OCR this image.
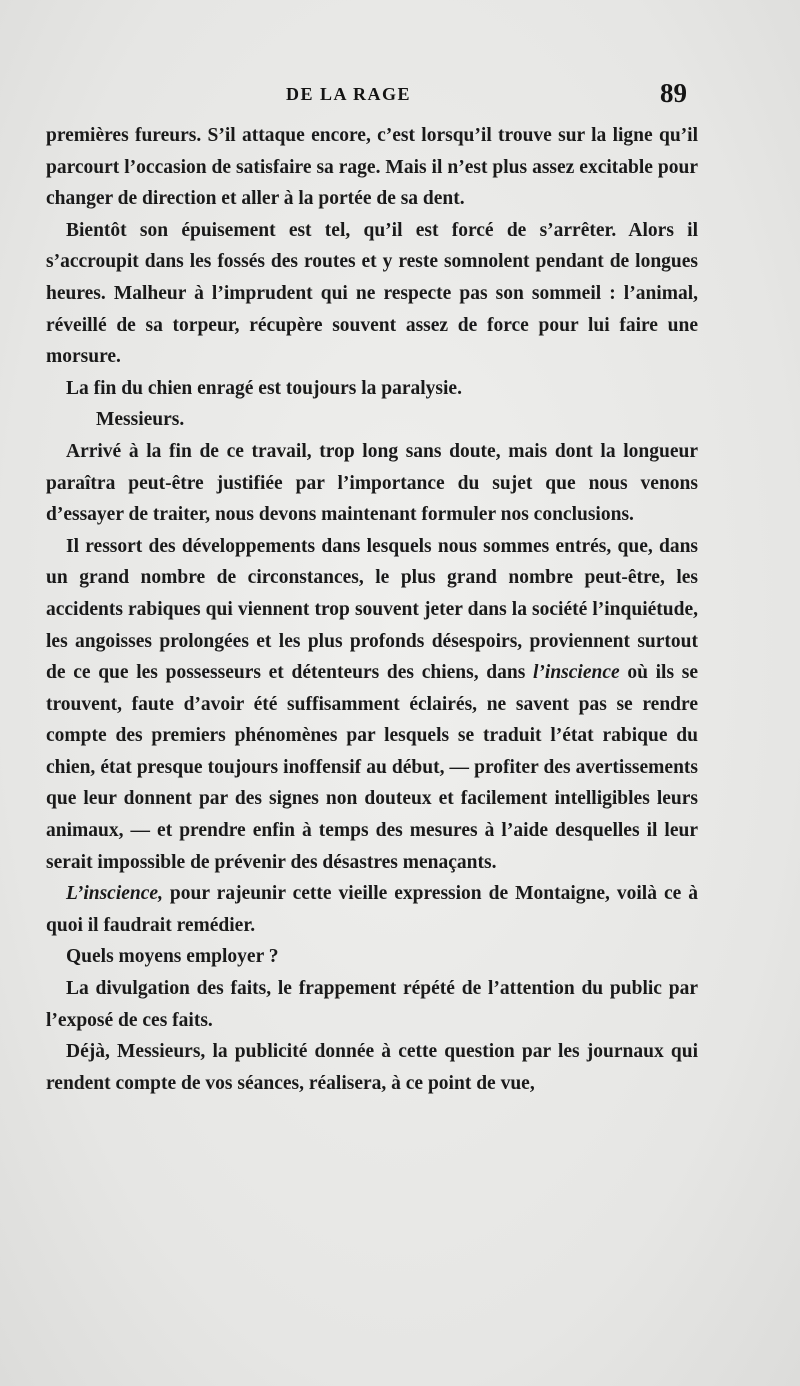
DE LA RAGE	89

premières fureurs. S’il attaque encore, c’est lorsqu’il trouve sur la ligne qu’il parcourt l’occasion de satisfaire sa rage. Mais il n’est plus assez excitable pour changer de direction et aller à la portée de sa dent.

Bientôt son épuisement est tel, qu’il est forcé de s’arrêter. Alors il s’accroupit dans les fossés des routes et y reste somnolent pendant de longues heures. Malheur à l’imprudent qui ne respecte pas son sommeil : l’animal, réveillé de sa torpeur, récupère souvent assez de force pour lui faire une morsure.

La fin du chien enragé est toujours la paralysie.

Messieurs.

Arrivé à la fin de ce travail, trop long sans doute, mais dont la longueur paraîtra peut-être justifiée par l’importance du sujet que nous venons d’essayer de traiter, nous devons maintenant formuler nos conclusions.

Il ressort des développements dans lesquels nous sommes entrés, que, dans un grand nombre de circonstances, le plus grand nombre peut-être, les accidents rabiques qui viennent trop souvent jeter dans la société l’inquiétude, les angoisses prolongées et les plus profonds désespoirs, proviennent surtout de ce que les possesseurs et détenteurs des chiens, dans l’inscience où ils se trouvent, faute d’avoir été suffisamment éclairés, ne savent pas se rendre compte des premiers phénomènes par lesquels se traduit l’état rabique du chien, état presque toujours inoffensif au début, — profiter des avertissements que leur donnent par des signes non douteux et facilement intelligibles leurs animaux, — et prendre enfin à temps des mesures à l’aide desquelles il leur serait impossible de prévenir des désastres menaçants.

L’inscience, pour rajeunir cette vieille expression de Montaigne, voilà ce à quoi il faudrait remédier.

Quels moyens employer ?

La divulgation des faits, le frappement répété de l’attention du public par l’exposé de ces faits.

Déjà, Messieurs, la publicité donnée à cette question par les journaux qui rendent compte de vos séances, réalisera, à ce point de vue,
